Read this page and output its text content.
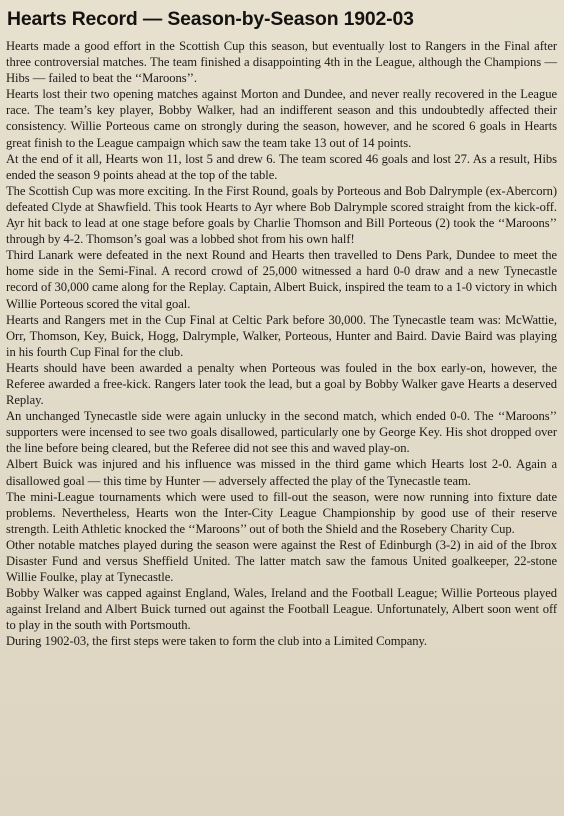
Hearts Record — Season-by-Season 1902-03

Hearts made a good effort in the Scottish Cup this season, but eventually lost to Rangers in the Final after three controversial matches. The team finished a disappointing 4th in the League, although the Champions — Hibs — failed to beat the ‘‘Maroons’’.

Hearts lost their two opening matches against Morton and Dundee, and never really recovered in the League race. The team’s key player, Bobby Walker, had an indifferent season and this undoubtedly affected their consistency. Willie Porteous came on strongly during the season, however, and he scored 6 goals in Hearts great finish to the League campaign which saw the team take 13 out of 14 points.

At the end of it all, Hearts won 11, lost 5 and drew 6. The team scored 46 goals and lost 27. As a result, Hibs ended the season 9 points ahead at the top of the table.

The Scottish Cup was more exciting. In the First Round, goals by Porteous and Bob Dalrymple (ex-Abercorn) defeated Clyde at Shawfield. This took Hearts to Ayr where Bob Dalrymple scored straight from the kick-off. Ayr hit back to lead at one stage before goals by Charlie Thomson and Bill Porteous (2) took the ‘‘Maroons’’ through by 4-2. Thomson’s goal was a lobbed shot from his own half!

Third Lanark were defeated in the next Round and Hearts then travelled to Dens Park, Dundee to meet the home side in the Semi-Final. A record crowd of 25,000 witnessed a hard 0-0 draw and a new Tynecastle record of 30,000 came along for the Replay. Captain, Albert Buick, inspired the team to a 1-0 victory in which Willie Porteous scored the vital goal.

Hearts and Rangers met in the Cup Final at Celtic Park before 30,000. The Tynecastle team was: McWattie, Orr, Thomson, Key, Buick, Hogg, Dalrymple, Walker, Porteous, Hunter and Baird. Davie Baird was playing in his fourth Cup Final for the club.

Hearts should have been awarded a penalty when Porteous was fouled in the box early-on, however, the Referee awarded a free-kick. Rangers later took the lead, but a goal by Bobby Walker gave Hearts a deserved Replay.

An unchanged Tynecastle side were again unlucky in the second match, which ended 0-0. The ‘‘Maroons’’ supporters were incensed to see two goals disallowed, particularly one by George Key. His shot dropped over the line before being cleared, but the Referee did not see this and waved play-on.

Albert Buick was injured and his influence was missed in the third game which Hearts lost 2-0. Again a disallowed goal — this time by Hunter — adversely affected the play of the Tynecastle team.

The mini-League tournaments which were used to fill-out the season, were now running into fixture date problems. Nevertheless, Hearts won the Inter-City League Championship by good use of their reserve strength. Leith Athletic knocked the ‘‘Maroons’’ out of both the Shield and the Rosebery Charity Cup.

Other notable matches played during the season were against the Rest of Edinburgh (3-2) in aid of the Ibrox Disaster Fund and versus Sheffield United. The latter match saw the famous United goalkeeper, 22-stone Willie Foulke, play at Tynecastle.

Bobby Walker was capped against England, Wales, Ireland and the Football League; Willie Porteous played against Ireland and Albert Buick turned out against the Football League. Unfortunately, Albert soon went off to play in the south with Portsmouth.

During 1902-03, the first steps were taken to form the club into a Limited Company.
